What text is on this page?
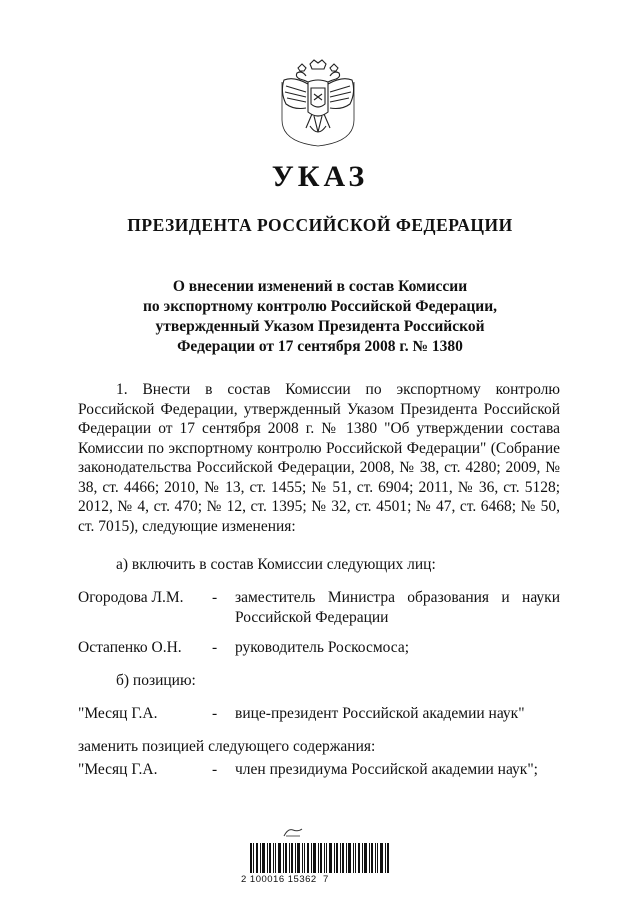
УКАЗ
ПРЕЗИДЕНТА РОССИЙСКОЙ ФЕДЕРАЦИИ
О внесении изменений в состав Комиссии
по экспортному контролю Российской Федерации,
утвержденный Указом Президента Российской
Федерации от 17 сентября 2008 г. № 1380

1. Внести в состав Комиссии по экспортному контролю Российской Федерации, утвержденный Указом Президента Российской Федерации от 17 сентября 2008 г. № 1380 "Об утверждении состава Комиссии по экспортному контролю Российской Федерации" (Собрание законодательства Российской Федерации, 2008, № 38, ст. 4280; 2009, № 38, ст. 4466; 2010, № 13, ст. 1455; № 51, ст. 6904; 2011, № 36, ст. 5128; 2012, № 4, ст. 470; № 12, ст. 1395; № 32, ст. 4501; № 47, ст. 6468; № 50, ст. 7015), следующие изменения:

а) включить в состав Комиссии следующих лиц:
Огородова Л.М. - заместитель Министра образования и науки Российской Федерации
Остапенко О.Н. - руководитель Роскосмоса;
б) позицию:
"Месяц Г.А.	- вице-президент Российской академии наук"
заменить позицией следующего содержания:
"Месяц Г.А.	- член президиума Российской академии наук";
2 100016 15362  7
